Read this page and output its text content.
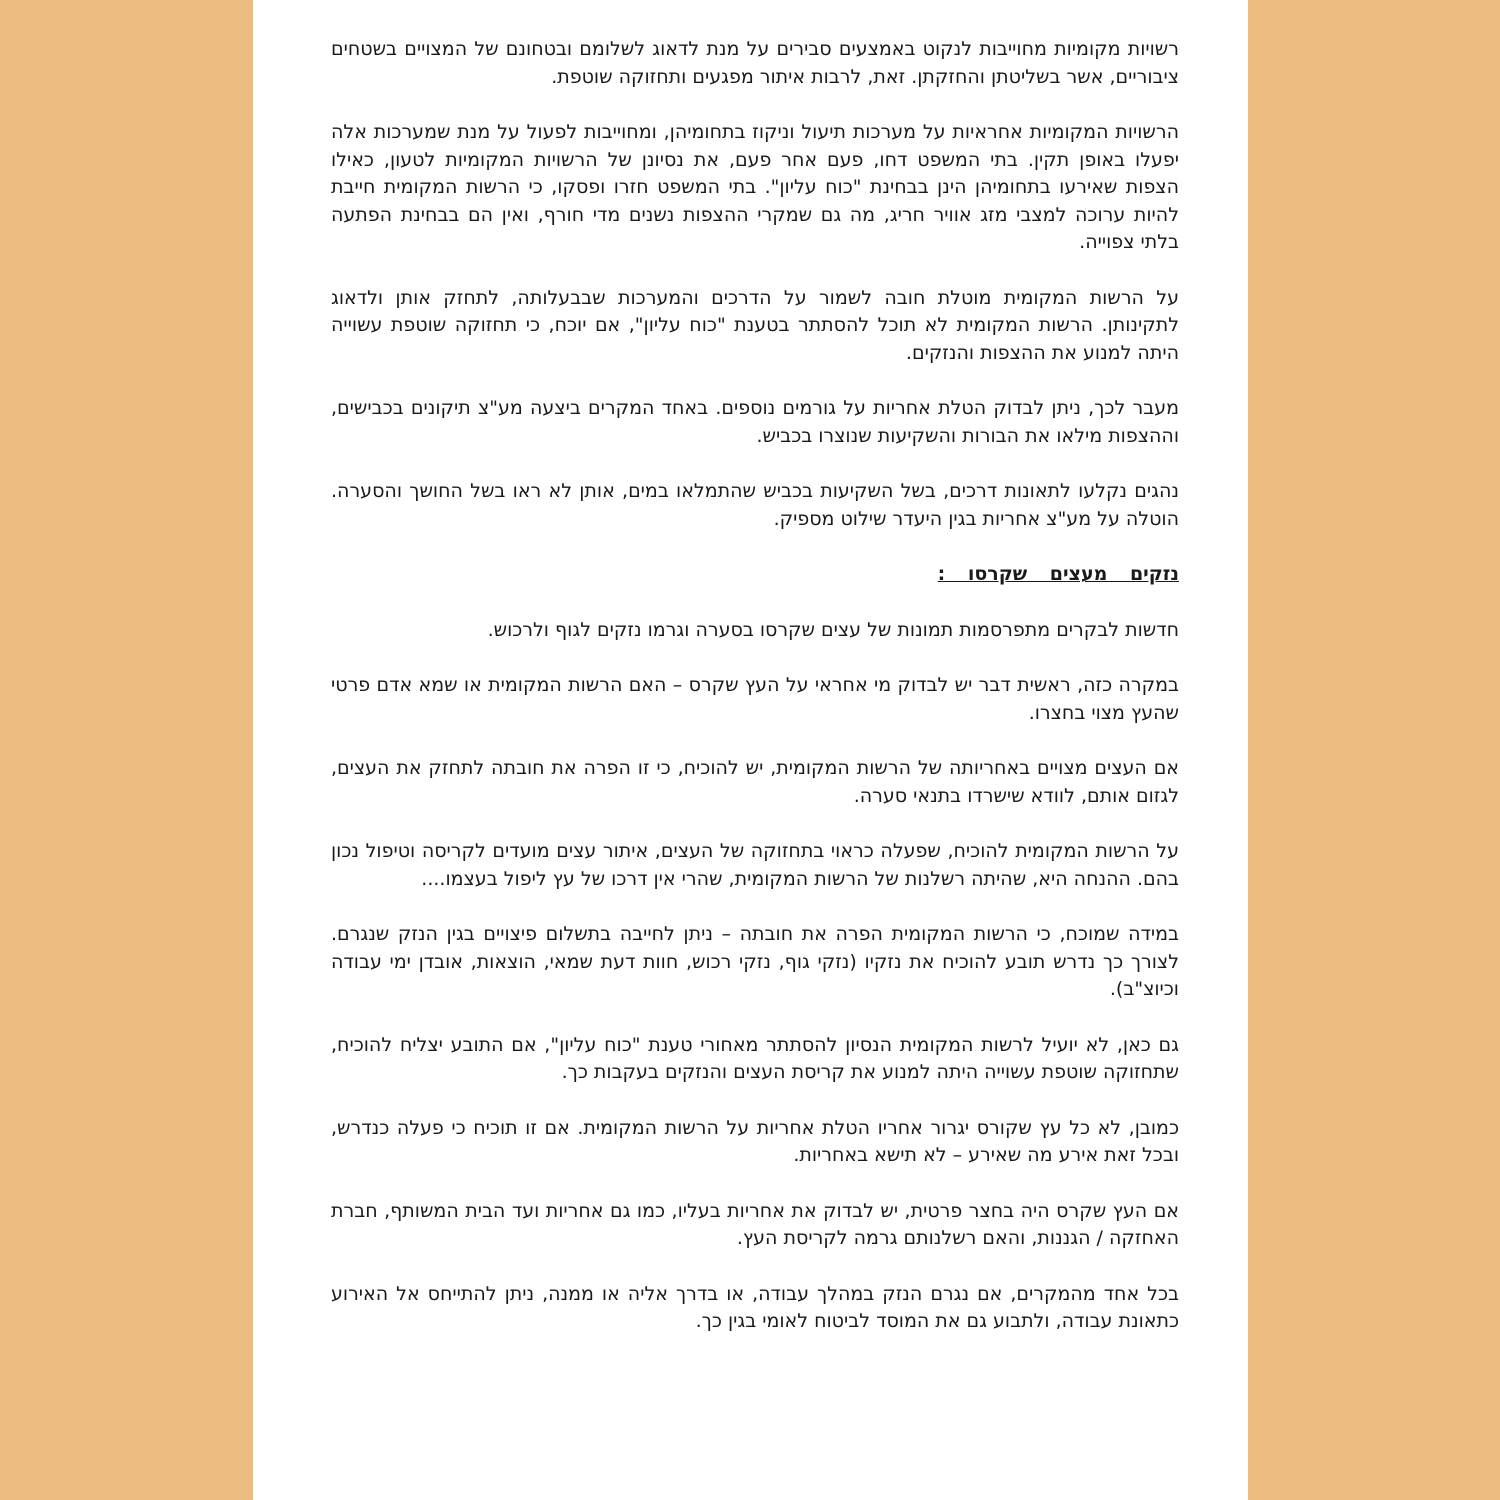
רשויות מקומיות מחוייבות לנקוט באמצעים סבירים על מנת לדאוג לשלומם ובטחונם של המצויים בשטחים ציבוריים, אשר בשליטתן והחזקתן. זאת, לרבות איתור מפגעים ותחזוקה שוטפת.

הרשויות המקומיות אחראיות על מערכות תיעול וניקוז בתחומיהן, ומחוייבות לפעול על מנת שמערכות אלה יפעלו באופן תקין. בתי המשפט דחו, פעם אחר פעם, את נסיונן של הרשויות המקומיות לטעון, כאילו הצפות שאירעו בתחומיהן הינן בבחינת "כוח עליון". בתי המשפט חזרו ופסקו, כי הרשות המקומית חייבת להיות ערוכה למצבי מזג אוויר חריג, מה גם שמקרי ההצפות נשנים מדי חורף, ואין הם בבחינת הפתעה בלתי צפוייה.

על הרשות המקומית מוטלת חובה לשמור על הדרכים והמערכות שבבעלותה, לתחזק אותן ולדאוג לתקינותן. הרשות המקומית לא תוכל להסתתר בטענת "כוח עליון", אם יוכח, כי תחזוקה שוטפת עשוייה היתה למנוע את ההצפות והנזקים.

מעבר לכך, ניתן לבדוק הטלת אחריות על גורמים נוספים. באחד המקרים ביצעה מע"צ תיקונים בכבישים, וההצפות מילאו את הבורות והשקיעות שנוצרו בכביש.

נהגים נקלעו לתאונות דרכים, בשל השקיעות בכביש שהתמלאו במים, אותן לא ראו בשל החושך והסערה. הוטלה על מע"צ אחריות בגין היעדר שילוט מספיק.

נזקים מעצים שקרסו :

חדשות לבקרים מתפרסמות תמונות של עצים שקרסו בסערה וגרמו נזקים לגוף ולרכוש.

במקרה כזה, ראשית דבר יש לבדוק מי אחראי על העץ שקרס – האם הרשות המקומית או שמא אדם פרטי שהעץ מצוי בחצרו.

אם העצים מצויים באחריותה של הרשות המקומית, יש להוכיח, כי זו הפרה את חובתה לתחזק את העצים, לגזום אותם, לוודא שישרדו בתנאי סערה.

על הרשות המקומית להוכיח, שפעלה כראוי בתחזוקה של העצים, איתור עצים מועדים לקריסה וטיפול נכון בהם. ההנחה היא, שהיתה רשלנות של הרשות המקומית, שהרי אין דרכו של עץ ליפול בעצמו....

במידה שמוכח, כי הרשות המקומית הפרה את חובתה – ניתן לחייבה בתשלום פיצויים בגין הנזק שנגרם. לצורך כך נדרש תובע להוכיח את נזקיו (נזקי גוף, נזקי רכוש, חוות דעת שמאי, הוצאות, אובדן ימי עבודה וכיוצ"ב).

גם כאן, לא יועיל לרשות המקומית הנסיון להסתתר מאחורי טענת "כוח עליון", אם התובע יצליח להוכיח, שתחזוקה שוטפת עשוייה היתה למנוע את קריסת העצים והנזקים בעקבות כך.

כמובן, לא כל עץ שקורס יגרור אחריו הטלת אחריות על הרשות המקומית. אם זו תוכיח כי פעלה כנדרש, ובכל זאת אירע מה שאירע – לא תישא באחריות.

אם העץ שקרס היה בחצר פרטית, יש לבדוק את אחריות בעליו, כמו גם אחריות ועד הבית המשותף, חברת האחזקה / הגננות, והאם רשלנותם גרמה לקריסת העץ.

בכל אחד מהמקרים, אם נגרם הנזק במהלך עבודה, או בדרך אליה או ממנה, ניתן להתייחס אל האירוע כתאונת עבודה, ולתבוע גם את המוסד לביטוח לאומי בגין כך.
